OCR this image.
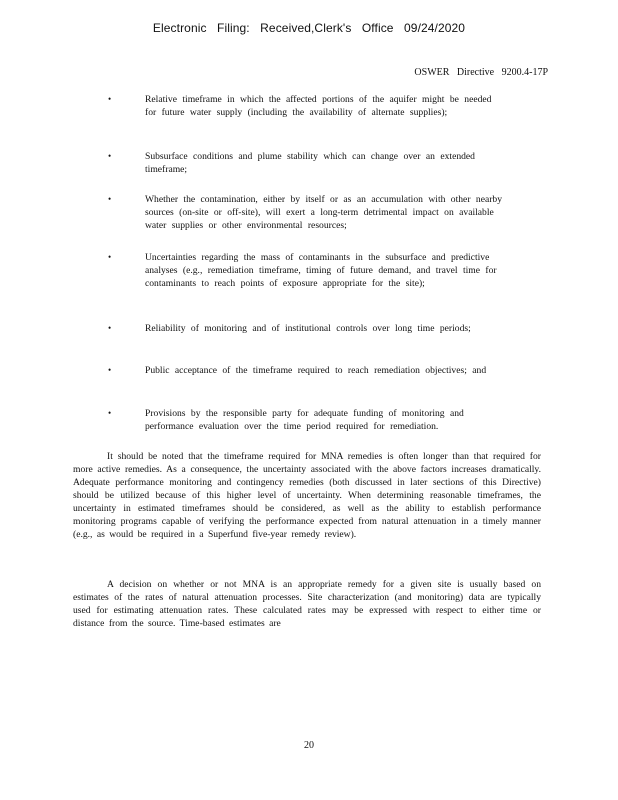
Electronic Filing: Received,Clerk's Office 09/24/2020
OSWER Directive 9200.4-17P
•	Relative timeframe in which the affected portions of the aquifer might be needed for future water supply (including the availability of alternate supplies);
•	Subsurface conditions and plume stability which can change over an extended timeframe;
•	Whether the contamination, either by itself or as an accumulation with other nearby sources (on-site or off-site), will exert a long-term detrimental impact on available water supplies or other environmental resources;
•	Uncertainties regarding the mass of contaminants in the subsurface and predictive analyses (e.g., remediation timeframe, timing of future demand, and travel time for contaminants to reach points of exposure appropriate for the site);
•	Reliability of monitoring and of institutional controls over long time periods;
•	Public acceptance of the timeframe required to reach remediation objectives; and
•	Provisions by the responsible party for adequate funding of monitoring and performance evaluation over the time period required for remediation.

It should be noted that the timeframe required for MNA remedies is often longer than that required for more active remedies. As a consequence, the uncertainty associated with the above factors increases dramatically. Adequate performance monitoring and contingency remedies (both discussed in later sections of this Directive) should be utilized because of this higher level of uncertainty. When determining reasonable timeframes, the uncertainty in estimated timeframes should be considered, as well as the ability to establish performance monitoring programs capable of verifying the performance expected from natural attenuation in a timely manner (e.g., as would be required in a Superfund five-year remedy review).

A decision on whether or not MNA is an appropriate remedy for a given site is usually based on estimates of the rates of natural attenuation processes. Site characterization (and monitoring) data are typically used for estimating attenuation rates. These calculated rates may be expressed with respect to either time or distance from the source. Time-based estimates are

20
